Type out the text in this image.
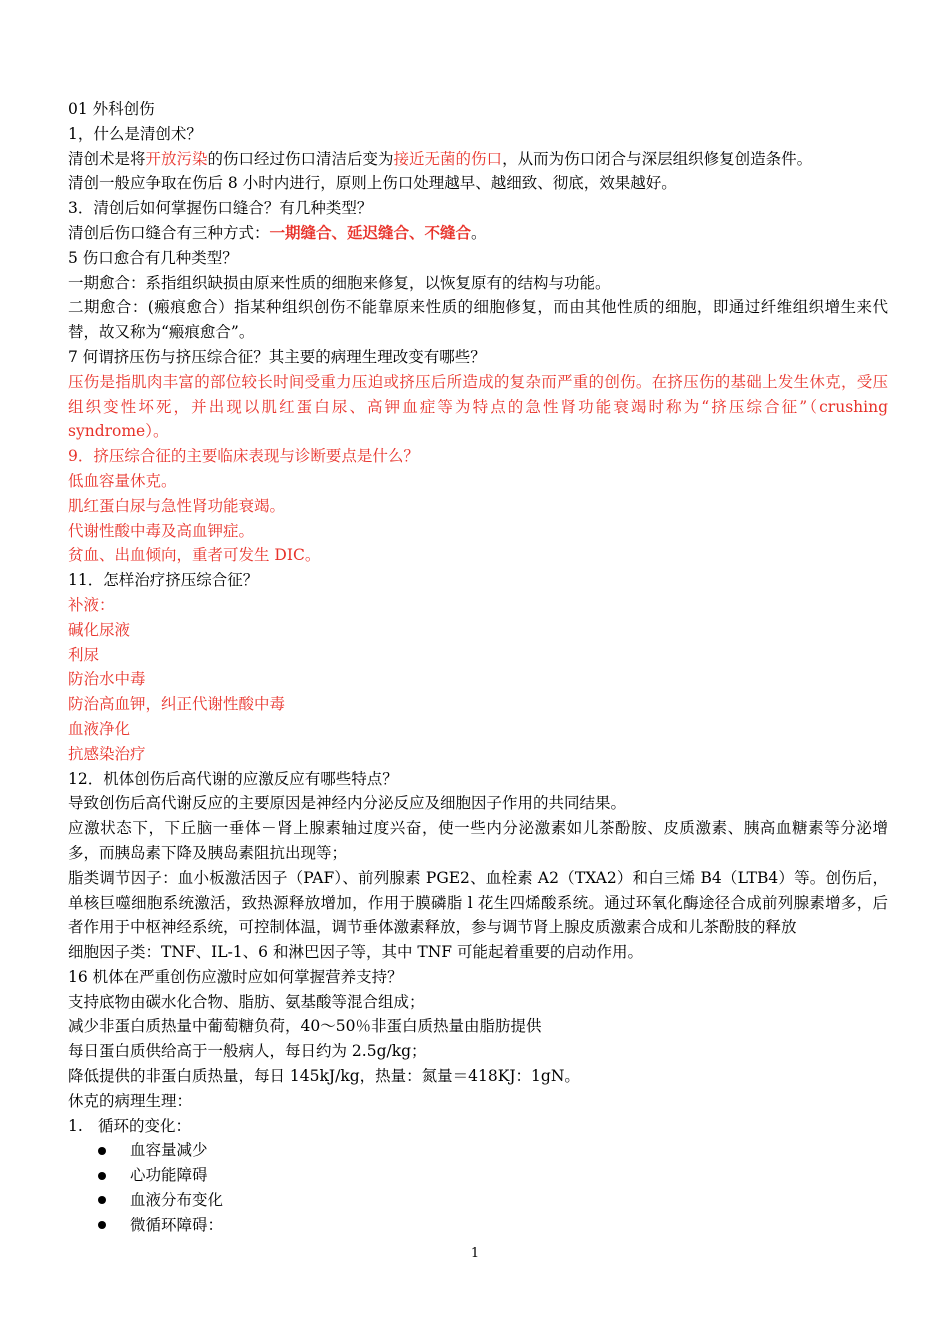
01 外科创伤
1，什么是清创术？
清创术是将开放污染的伤口经过伤口清洁后变为接近无菌的伤口，从而为伤口闭合与深层组织修复创造条件。
清创一般应争取在伤后 8 小时内进行，原则上伤口处理越早、越细致、彻底，效果越好。
3．清创后如何掌握伤口缝合？有几种类型？
清创后伤口缝合有三种方式：一期缝合、延迟缝合、不缝合。
5 伤口愈合有几种类型？
一期愈合：系指组织缺损由原来性质的细胞来修复，以恢复原有的结构与功能。
二期愈合：(瘢痕愈合）指某种组织创伤不能靠原来性质的细胞修复，而由其他性质的细胞，即通过纤维组织增生来代替，故又称为“瘢痕愈合”。
7 何谓挤压伤与挤压综合征？其主要的病理生理改变有哪些？
压伤是指肌肉丰富的部位较长时间受重力压迫或挤压后所造成的复杂而严重的创伤。在挤压伤的基础上发生休克，受压组织变性坏死，并出现以肌红蛋白尿、高钾血症等为特点的急性肾功能衰竭时称为“挤压综合征”（crushing syndrome）。
9．挤压综合征的主要临床表现与诊断要点是什么？
低血容量休克。
肌红蛋白尿与急性肾功能衰竭。
代谢性酸中毒及高血钾症。
贫血、出血倾向，重者可发生 DIC。
11．怎样治疗挤压综合征？
补液：
碱化尿液
利尿
防治水中毒
防治高血钾，纠正代谢性酸中毒
血液净化
抗感染治疗
12．机体创伤后高代谢的应激反应有哪些特点？
导致创伤后高代谢反应的主要原因是神经内分泌反应及细胞因子作用的共同结果。
应激状态下，下丘脑一垂体－肾上腺素轴过度兴奋，使一些内分泌激素如儿茶酚胺、皮质激素、胰高血糖素等分泌增多，而胰岛素下降及胰岛素阻抗出现等；
脂类调节因子：血小板激活因子（PAF）、前列腺素 PGE2、血栓素 A2（TXA2）和白三烯 B4（LTB4）等。创伤后，单核巨噬细胞系统激活，致热源释放增加，作用于膜磷脂 l 花生四烯酸系统。通过环氧化酶途径合成前列腺素增多，后者作用于中枢神经系统，可控制体温，调节垂体激素释放，参与调节肾上腺皮质激素合成和儿茶酚肢的释放
细胞因子类：TNF、IL-1、6 和淋巴因子等，其中 TNF 可能起着重要的启动作用。
16 机体在严重创伤应激时应如何掌握营养支持？
支持底物由碳水化合物、脂肪、氨基酸等混合组成；
减少非蛋白质热量中葡萄糖负荷，40～50％非蛋白质热量由脂肪提供
每日蛋白质供给高于一般病人，每日约为 2.5g/kg；
降低提供的非蛋白质热量，每日 145kJ/kg，热量：氮量＝418KJ：1gN。
休克的病理生理：
1. 循环的变化：
血容量减少
心功能障碍
血液分布变化
微循环障碍：
1
